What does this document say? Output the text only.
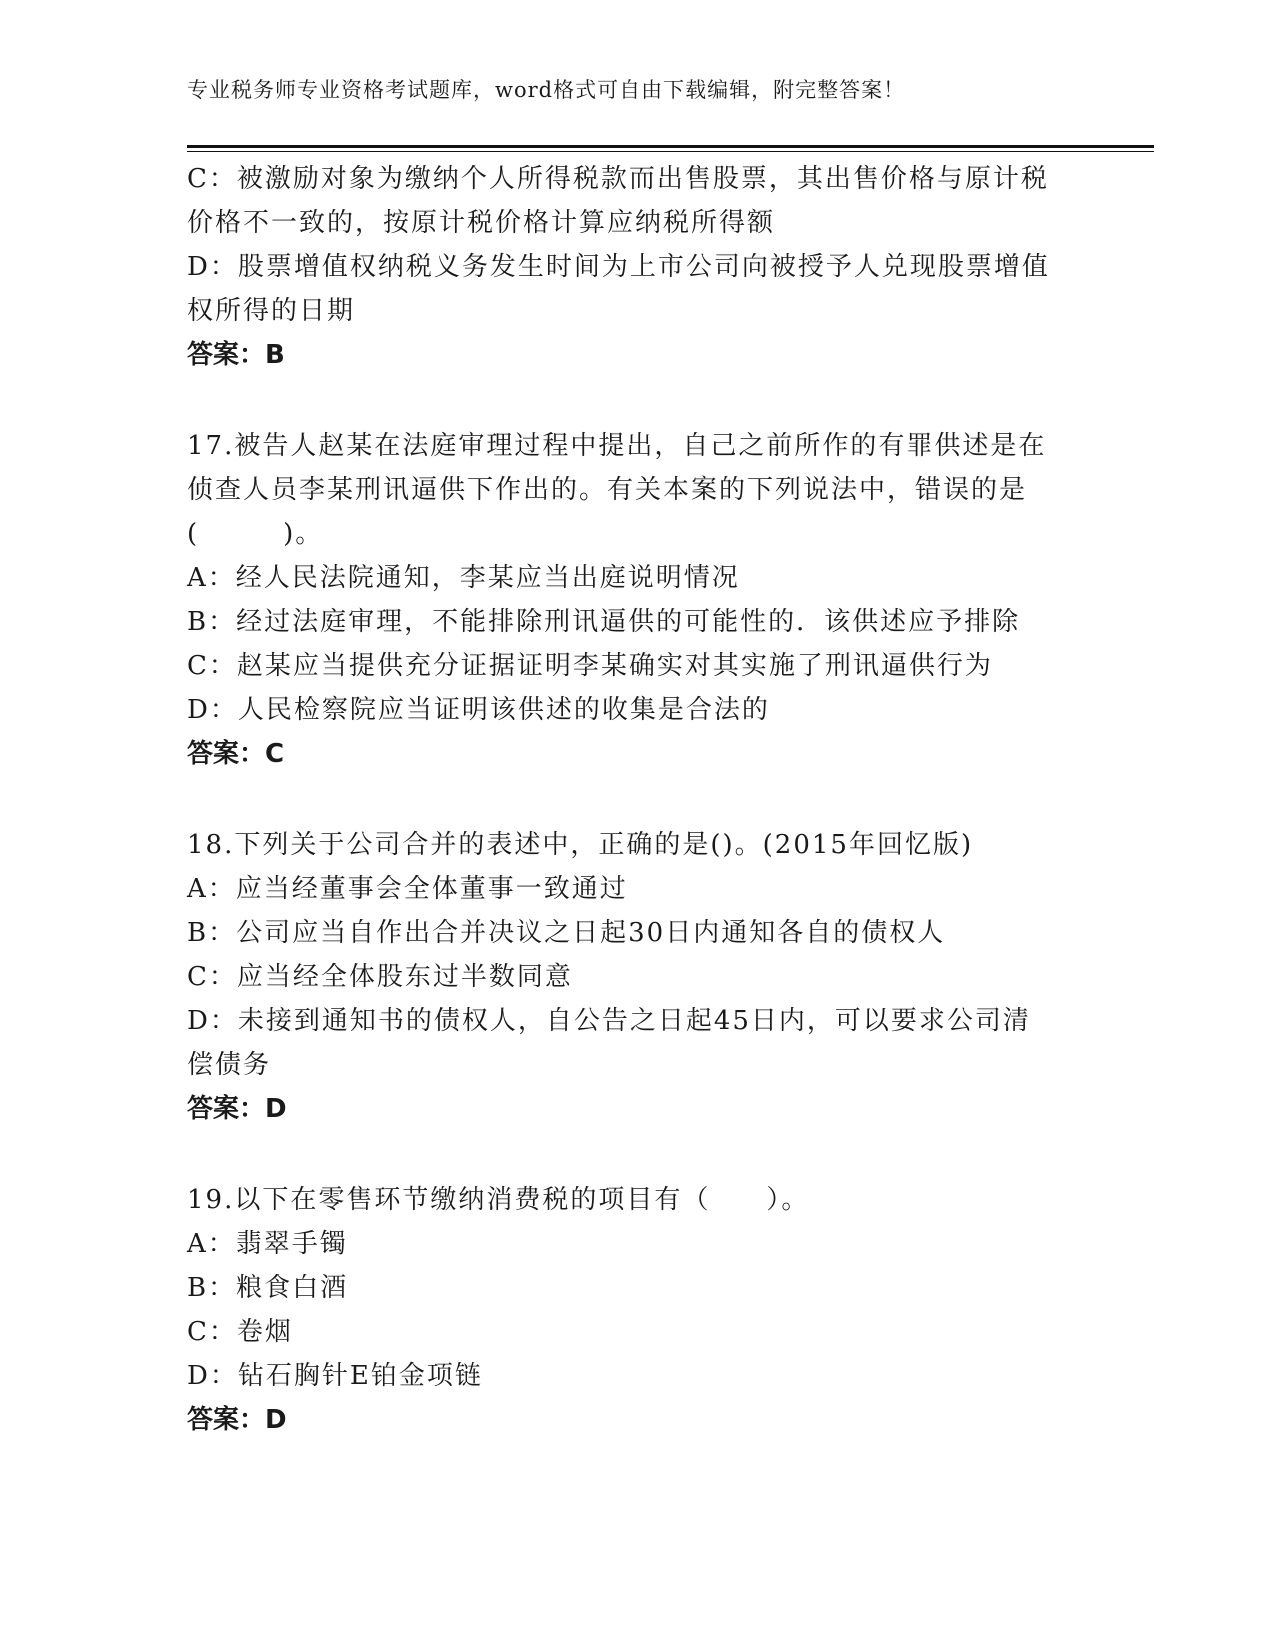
专业税务师专业资格考试题库，word格式可自由下载编辑，附完整答案！
C：被激励对象为缴纳个人所得税款而出售股票，其出售价格与原计税
价格不一致的，按原计税价格计算应纳税所得额
D：股票增值权纳税义务发生时间为上市公司向被授予人兑现股票增值
权所得的日期
答案：B
17.被告人赵某在法庭审理过程中提出，自己之前所作的有罪供述是在
侦查人员李某刑讯逼供下作出的。有关本案的下列说法中，错误的是
(　　　)。
A：经人民法院通知，李某应当出庭说明情况
B：经过法庭审理，不能排除刑讯逼供的可能性的．该供述应予排除
C：赵某应当提供充分证据证明李某确实对其实施了刑讯逼供行为
D：人民检察院应当证明该供述的收集是合法的
答案：C
18.下列关于公司合并的表述中，正确的是()。(2015年回忆版)
A：应当经董事会全体董事一致通过
B：公司应当自作出合并决议之日起30日内通知各自的债权人
C：应当经全体股东过半数同意
D：未接到通知书的债权人，自公告之日起45日内，可以要求公司清
偿债务
答案：D
19.以下在零售环节缴纳消费税的项目有（　　）。
A：翡翠手镯
B：粮食白酒
C：卷烟
D：钻石胸针E铂金项链
答案：D
